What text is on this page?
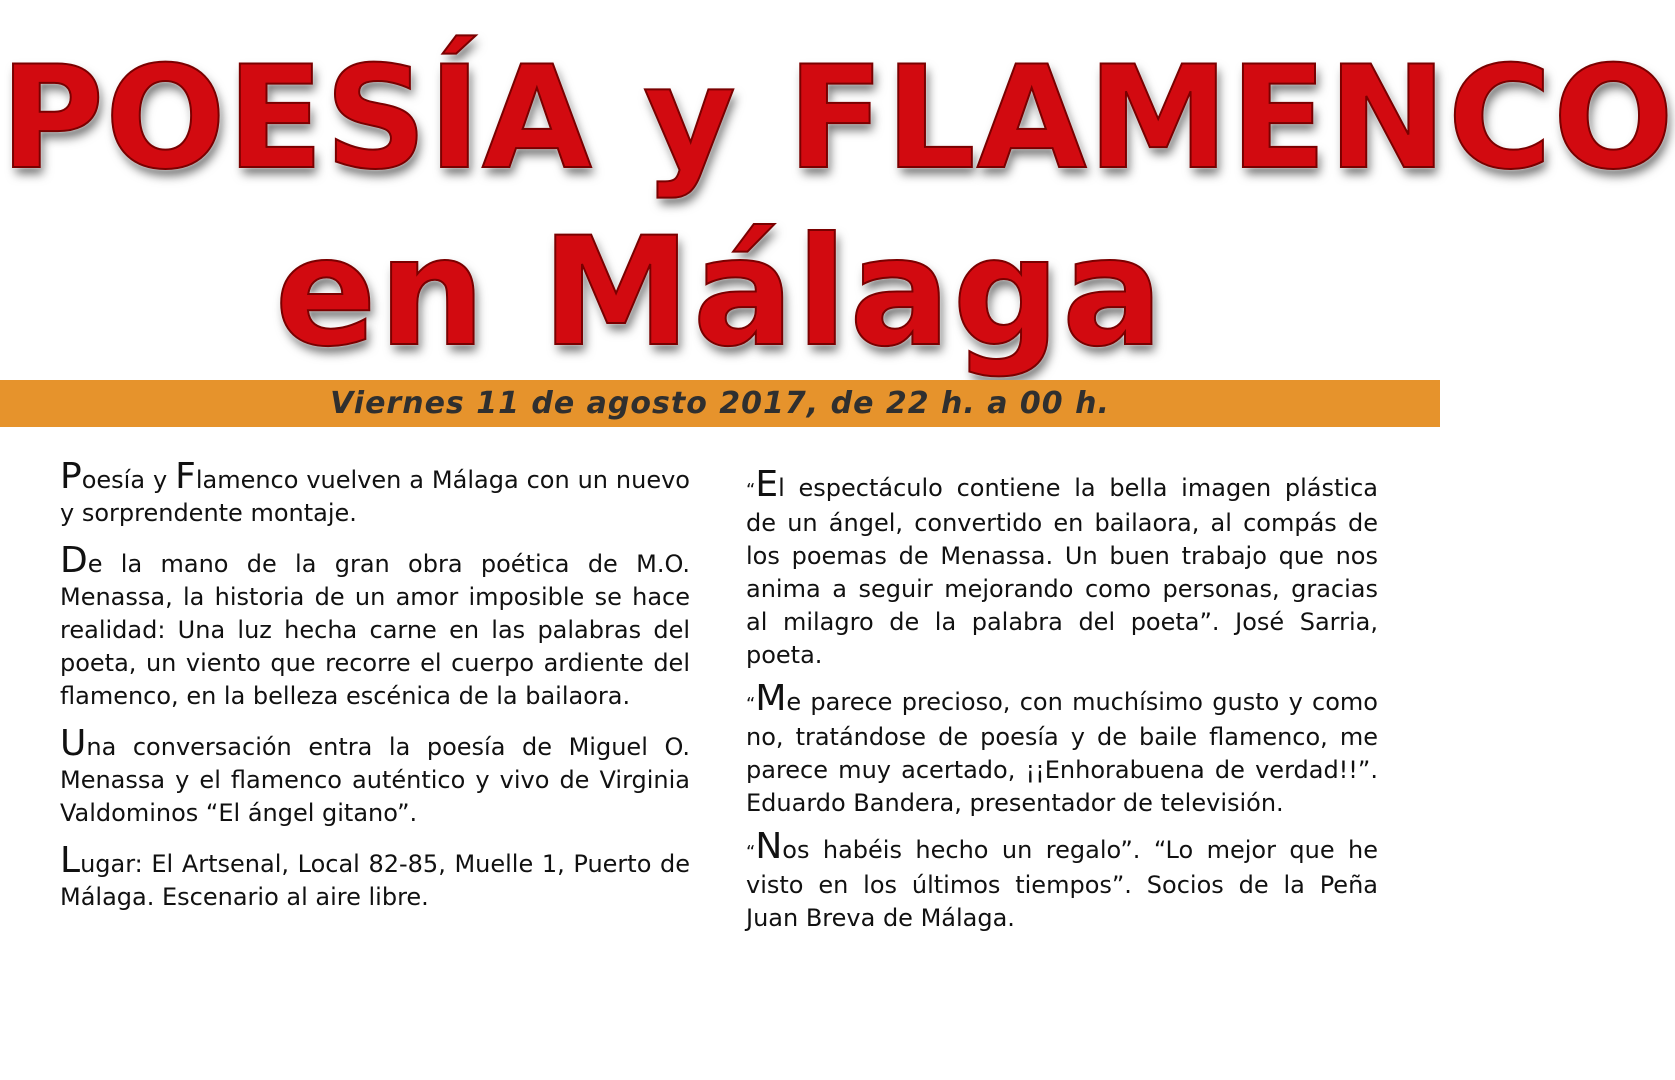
POESÍA y FLAMENCO
en Málaga
Viernes 11 de agosto 2017, de 22 h. a 00 h.

Poesía y Flamenco vuelven a Málaga con un nuevo y sorprendente montaje.

De la mano de la gran obra poética de M.O. Menassa, la historia de un amor imposible se hace realidad: Una luz hecha carne en las palabras del poeta, un viento que recorre el cuerpo ardiente del flamenco, en la belleza escénica de la bailaora.

Una conversación entra la poesía de Miguel O. Menassa y el flamenco auténtico y vivo de Virginia Valdominos “El ángel gitano”.

Lugar: El Artsenal, Local 82-85, Muelle 1, Puerto de Málaga. Escenario al aire libre.

“El espectáculo contiene la bella imagen plástica de un ángel, convertido en bailaora, al compás de los poemas de Menassa. Un buen trabajo que nos anima a seguir mejorando como personas, gracias al milagro de la palabra del poeta”. José Sarria, poeta.

“Me parece precioso, con muchísimo gusto y como no, tratándose de poesía y de baile flamenco, me parece muy acertado, ¡¡Enhorabuena de verdad!!”. Eduardo Bandera, presentador de televisión.

“Nos habéis hecho un regalo”. “Lo mejor que he visto en los últimos tiempos”. Socios de la Peña Juan Breva de Málaga.
